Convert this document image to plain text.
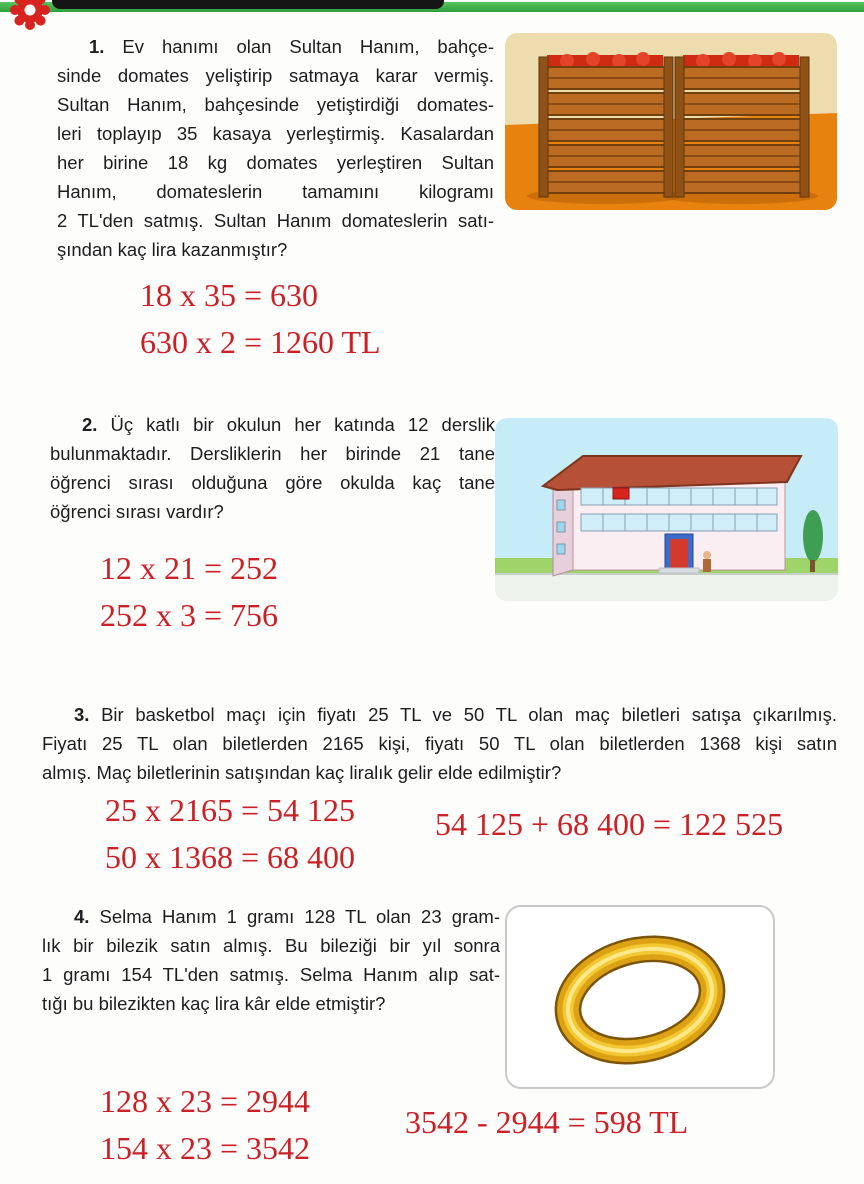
1. Ev hanımı olan Sultan Hanım, bahçe-
sinde domates yeliştirip satmaya karar vermiş.
Sultan Hanım, bahçesinde yetiştirdiği domates-
leri toplayıp 35 kasaya yerleştirmiş. Kasalardan
her birine 18 kg domates yerleştiren Sultan
Hanım, domateslerin tamamını kilogramı
2 TL'den satmış. Sultan Hanım domateslerin satı-
şından kaç lira kazanmıştır?
18 x 35 = 630
630 x 2 = 1260 TL
2. Üç katlı bir okulun her katında 12 derslik
bulunmaktadır. Dersliklerin her birinde 21 tane
öğrenci sırası olduğuna göre okulda kaç tane
öğrenci sırası vardır?
12 x 21 = 252
252 x 3 = 756
3. Bir basketbol maçı için fiyatı 25 TL ve 50 TL olan maç biletleri satışa çıkarılmış.
Fiyatı 25 TL olan biletlerden 2165 kişi, fiyatı 50 TL olan biletlerden 1368 kişi satın
almış. Maç biletlerinin satışından kaç liralık gelir elde edilmiştir?
25 x 2165 = 54 125
50 x 1368 = 68 400
54 125 + 68 400 = 122 525
4. Selma Hanım 1 gramı 128 TL olan 23 gram-
lık bir bilezik satın almış. Bu bileziği bir yıl sonra
1 gramı 154 TL'den satmış. Selma Hanım alıp sat-
tığı bu bilezikten kaç lira kâr elde etmiştir?
128 x 23 = 2944
154 x 23 = 3542
3542 - 2944 = 598 TL
